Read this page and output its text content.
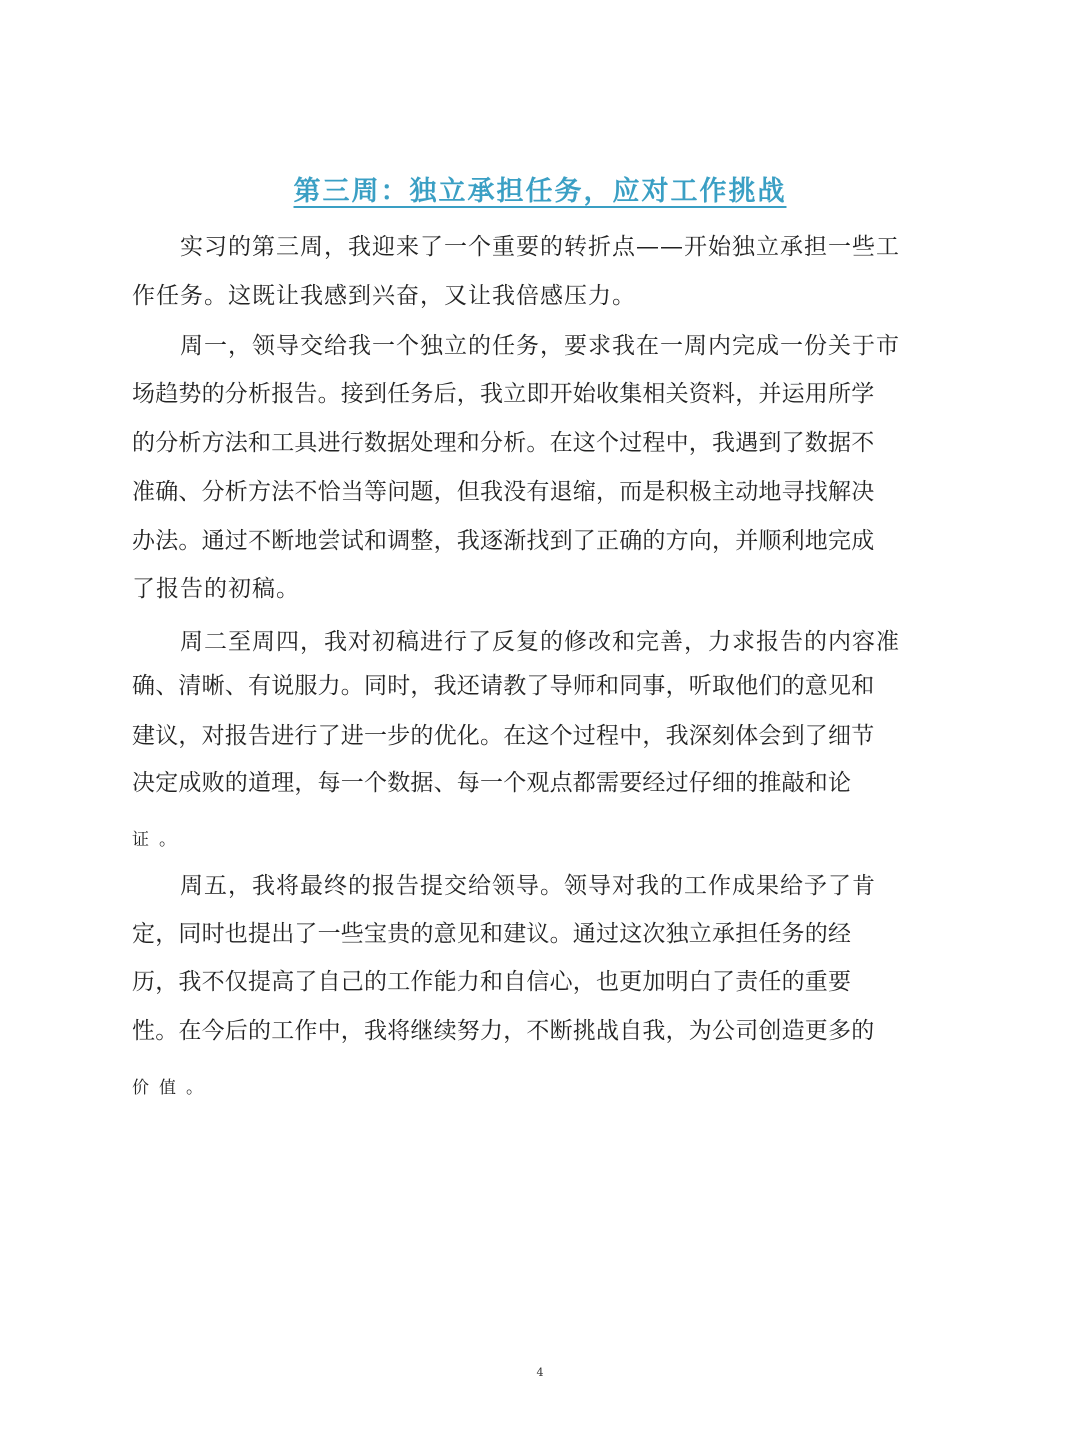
第三周：独立承担任务，应对工作挑战
实习的第三周，我迎来了一个重要的转折点——开始独立承担一些工
作任务。这既让我感到兴奋，又让我倍感压力。
周一，领导交给我一个独立的任务，要求我在一周内完成一份关于市
场趋势的分析报告。接到任务后，我立即开始收集相关资料，并运用所学
的分析方法和工具进行数据处理和分析。在这个过程中，我遇到了数据不
准确、分析方法不恰当等问题，但我没有退缩，而是积极主动地寻找解决
办法。通过不断地尝试和调整，我逐渐找到了正确的方向，并顺利地完成
了报告的初稿。
周二至周四，我对初稿进行了反复的修改和完善，力求报告的内容准
确、清晰、有说服力。同时，我还请教了导师和同事，听取他们的意见和
建议，对报告进行了进一步的优化。在这个过程中，我深刻体会到了细节
决定成败的道理，每一个数据、每一个观点都需要经过仔细的推敲和论
证。
周五，我将最终的报告提交给领导。领导对我的工作成果给予了肯
定，同时也提出了一些宝贵的意见和建议。通过这次独立承担任务的经
历，我不仅提高了自己的工作能力和自信心，也更加明白了责任的重要
性。在今后的工作中，我将继续努力，不断挑战自我，为公司创造更多的
价值。
4
